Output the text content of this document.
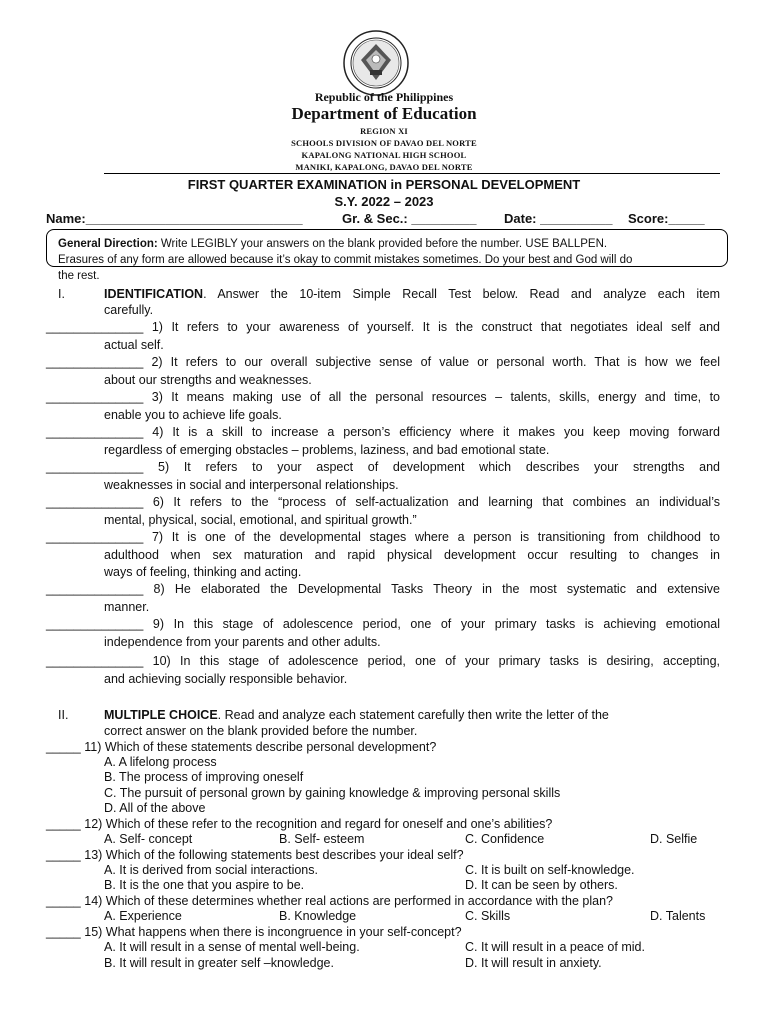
Republic of the Philippines
Department of Education
REGION XI
SCHOOLS DIVISION OF DAVAO DEL NORTE
KAPALONG NATIONAL HIGH SCHOOL
MANIKI, KAPALONG, DAVAO DEL NORTE
FIRST QUARTER EXAMINATION in PERSONAL DEVELOPMENT
S.Y. 2022 – 2023
Name:______________________________	Gr. & Sec.: _________ Date: __________ Score:_____
General Direction: Write LEGIBLY your answers on the blank provided before the number. USE BALLPEN.
Erasures of any form are allowed because it’s okay to commit mistakes sometimes. Do your best and God will do
the rest.
I.	IDENTIFICATION. Answer the 10-item Simple Recall Test below. Read and analyze each item
carefully.
______________ 1) It refers to your awareness of yourself. It is the construct that negotiates ideal self and
actual self.
______________ 2) It refers to our overall subjective sense of value or personal worth. That is how we feel
about our strengths and weaknesses.
______________ 3) It means making use of all the personal resources – talents, skills, energy and time, to
enable you to achieve life goals.
______________ 4) It is a skill to increase a person’s efficiency where it makes you keep moving forward
regardless of emerging obstacles – problems, laziness, and bad emotional state.
______________ 5) It refers to your aspect of development which describes your strengths and
weaknesses in social and interpersonal relationships.
______________ 6) It refers to the “process of self-actualization and learning that combines an individual’s
mental, physical, social, emotional, and spiritual growth.”
______________ 7) It is one of the developmental stages where a person is transitioning from childhood to
adulthood when sex maturation and rapid physical development occur resulting to changes in
ways of feeling, thinking and acting.
______________ 8) He elaborated the Developmental Tasks Theory in the most systematic and extensive
manner.
______________ 9) In this stage of adolescence period, one of your primary tasks is achieving emotional
independence from your parents and other adults.
______________ 10) In this stage of adolescence period, one of your primary tasks is desiring, accepting,
and achieving socially responsible behavior.
II.	MULTIPLE CHOICE. Read and analyze each statement carefully then write the letter of the
correct answer on the blank provided before the number.
_____ 11) Which of these statements describe personal development?
A. A lifelong process
B. The process of improving oneself
C. The pursuit of personal grown by gaining knowledge & improving personal skills
D. All of the above
_____ 12) Which of these refer to the recognition and regard for oneself and one’s abilities?
A. Self- concept	B. Self- esteem	C. Confidence	D. Selfie
_____ 13) Which of the following statements best describes your ideal self?
A. It is derived from social interactions.	C. It is built on self-knowledge.
B. It is the one that you aspire to be.	D. It can be seen by others.
_____ 14) Which of these determines whether real actions are performed in accordance with the plan?
A. Experience	B. Knowledge	C. Skills	D. Talents
_____ 15) What happens when there is incongruence in your self-concept?
A. It will result in a sense of mental well-being.	C. It will result in a peace of mid.
B. It will result in greater self –knowledge.	D. It will result in anxiety.
